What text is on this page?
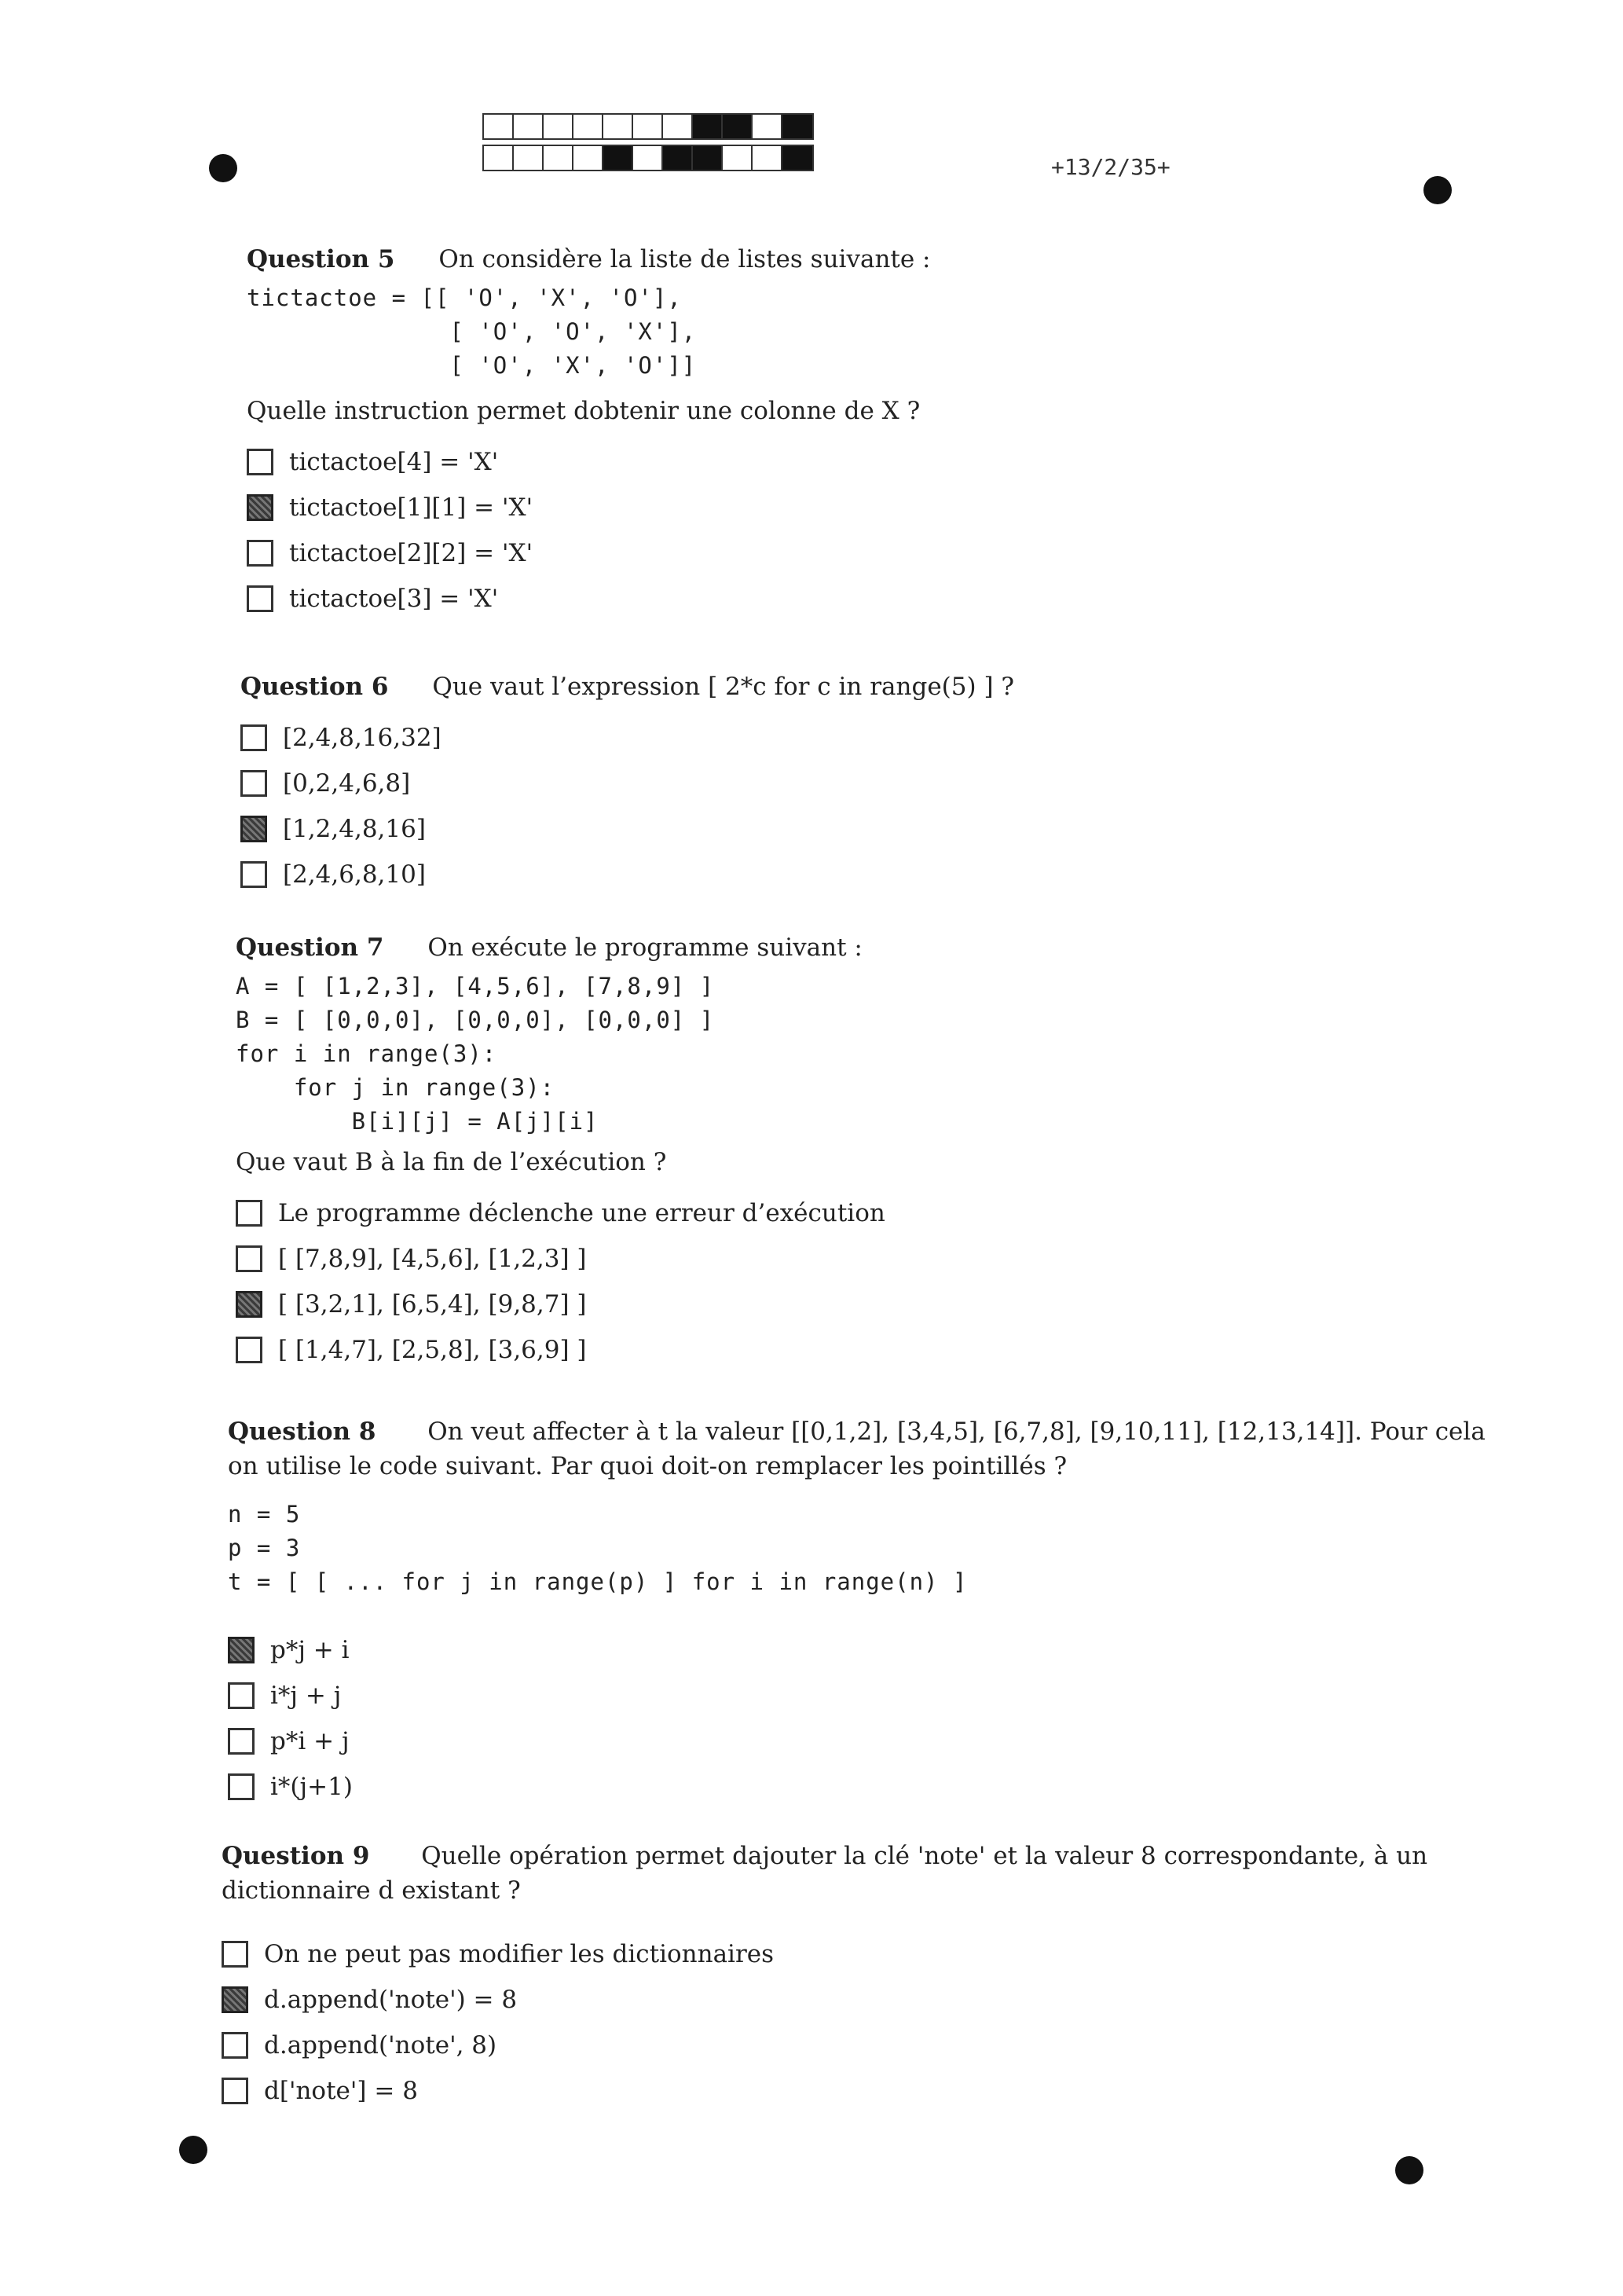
+13/2/35+
Question 5 On considère la liste de listes suivante :
tictactoe = [[ 'O', 'X', 'O'],
[ 'O', 'O', 'X'],
[ 'O', 'X', 'O']]
Quelle instruction permet dobtenir une colonne de X ?
tictactoe[4] = 'X'
tictactoe[1][1] = 'X'
tictactoe[2][2] = 'X'
tictactoe[3] = 'X'
Question 6 Que vaut l’expression [ 2*c for c in range(5) ] ?
[2,4,8,16,32]
[0,2,4,6,8]
[1,2,4,8,16]
[2,4,6,8,10]
Question 7 On exécute le programme suivant :
A = [ [1,2,3], [4,5,6], [7,8,9] ]
B = [ [0,0,0], [0,0,0], [0,0,0] ]
for i in range(3):
for j in range(3):
B[i][j] = A[j][i]
Que vaut B à la fin de l’exécution ?
Le programme déclenche une erreur d’exécution
[ [7,8,9], [4,5,6], [1,2,3] ]
[ [3,2,1], [6,5,4], [9,8,7] ]
[ [1,4,7], [2,5,8], [3,6,9] ]
Question 8 On veut affecter à t la valeur [[0,1,2], [3,4,5], [6,7,8], [9,10,11], [12,13,14]]. Pour cela on utilise le code suivant. Par quoi doit-on remplacer les pointillés ?
n = 5
p = 3
t = [ [ ... for j in range(p) ] for i in range(n) ]
p*j + i
i*j + j
p*i + j
i*(j+1)
Question 9 Quelle opération permet dajouter la clé 'note' et la valeur 8 correspondante, à un dictionnaire d existant ?
On ne peut pas modifier les dictionnaires
d.append('note') = 8
d.append('note', 8)
d['note'] = 8
